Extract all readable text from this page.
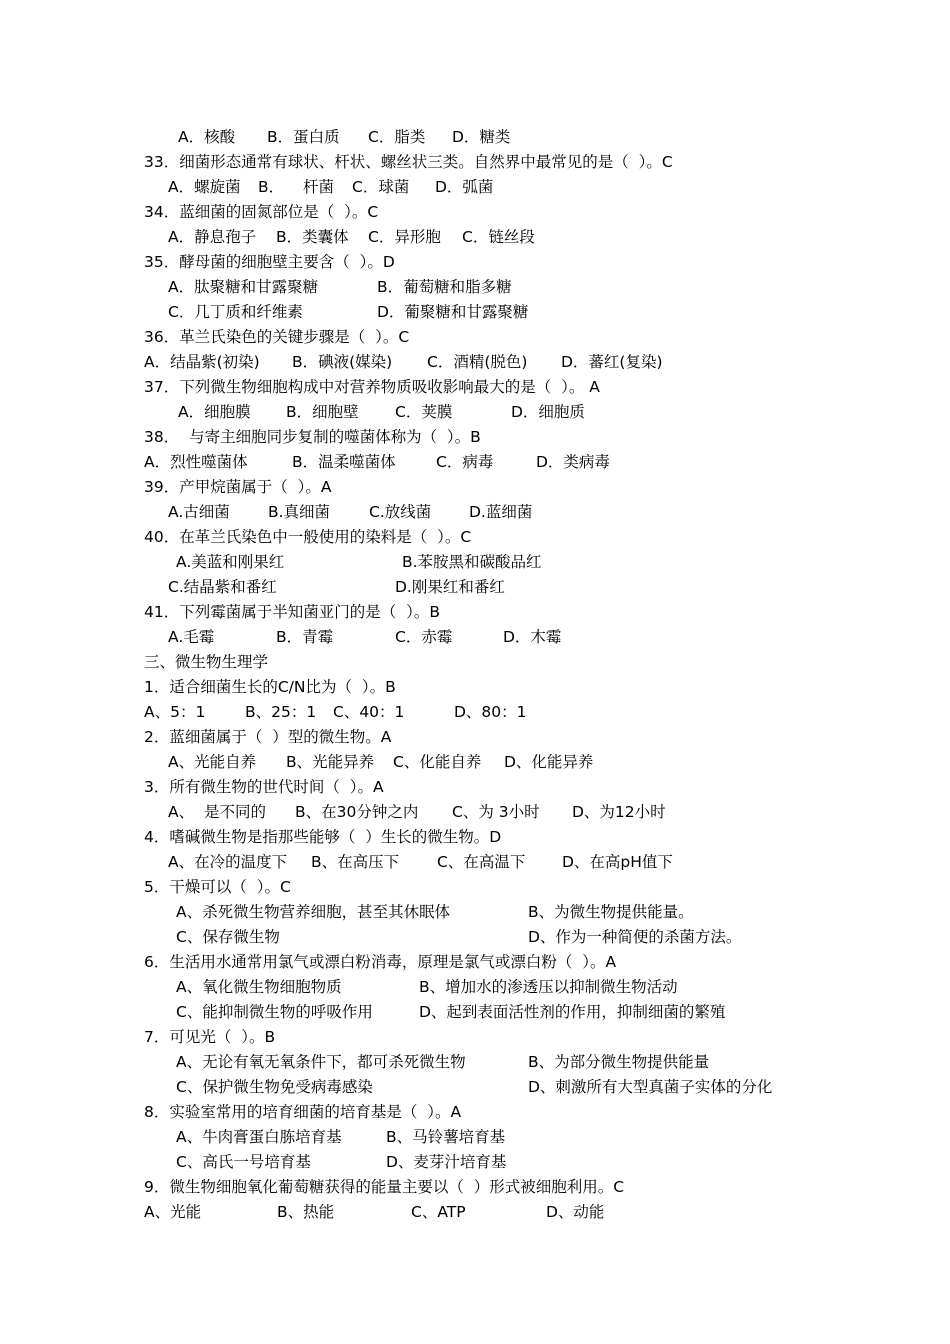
A．核酸 B．蛋白质 C．脂类 D．糖类
33．细菌形态通常有球状、杆状、螺丝状三类。自然界中最常见的是（  ）。C
A．螺旋菌 B． 杆菌 C．球菌 D．弧菌
34．蓝细菌的固氮部位是（  ）。C
A．静息孢子 B．类囊体 C．异形胞 C．链丝段
35．酵母菌的细胞壁主要含（  ）。D
A．肽聚糖和甘露聚糖	B．葡萄糖和脂多糖
C．几丁质和纤维素	D．葡聚糖和甘露聚糖
36．革兰氏染色的关键步骤是（  ）。C
A．结晶紫(初染) B．碘液(媒染) C．酒精(脱色) D．蕃红(复染)
37．下列微生物细胞构成中对营养物质吸收影响最大的是（  ）。 A
A．细胞膜 B．细胞壁 C．荚膜	D．细胞质
38．  与寄主细胞同步复制的噬菌体称为（  ）。B
A．烈性噬菌体	B．温柔噬菌体	C．病毒	D．类病毒
39．产甲烷菌属于（  ）。A
A.古细菌 B.真细菌	C.放线菌 D.蓝细菌
40．在革兰氏染色中一般使用的染料是（  ）。C
A.美蓝和刚果红	B.苯胺黑和碳酸品红
C.结晶紫和番红	D.刚果红和番红
41．下列霉菌属于半知菌亚门的是（  ）。B
A.毛霉	B．青霉	C．赤霉	D．木霉
三、微生物生理学
1．适合细菌生长的C/N比为（  ）。B
A、5：1	B、25：1 C、40：1	D、80：1
2．蓝细菌属于（  ）型的微生物。A
A、光能自养 B、光能异养 C、化能自养 D、化能异养
3．所有微生物的世代时间（  ）。A
A、 是不同的 B、在30分钟之内 C、为 3小时 D、为12小时
4．嗜碱微生物是指那些能够（  ）生长的微生物。D
A、在冷的温度下 B、在高压下 C、在高温下 D、在高pH值下
5．干燥可以（  ）。C
A、杀死微生物营养细胞，甚至其休眠体	B、为微生物提供能量。
C、保存微生物	D、作为一种简便的杀菌方法。
6．生活用水通常用氯气或漂白粉消毒，原理是氯气或漂白粉（  ）。A
A、氧化微生物细胞物质	B、增加水的渗透压以抑制微生物活动
C、能抑制微生物的呼吸作用	D、起到表面活性剂的作用，抑制细菌的繁殖
7．可见光（  ）。B
A、无论有氧无氧条件下，都可杀死微生物	B、为部分微生物提供能量
C、保护微生物免受病毒感染	D、刺激所有大型真菌子实体的分化
8．实验室常用的培育细菌的培育基是（  ）。A
A、牛肉膏蛋白胨培育基	B、马铃薯培育基
C、高氏一号培育基	D、麦芽汁培育基
9．微生物细胞氧化葡萄糖获得的能量主要以（  ）形式被细胞利用。C
A、光能	B、热能	C、ATP	D、动能
